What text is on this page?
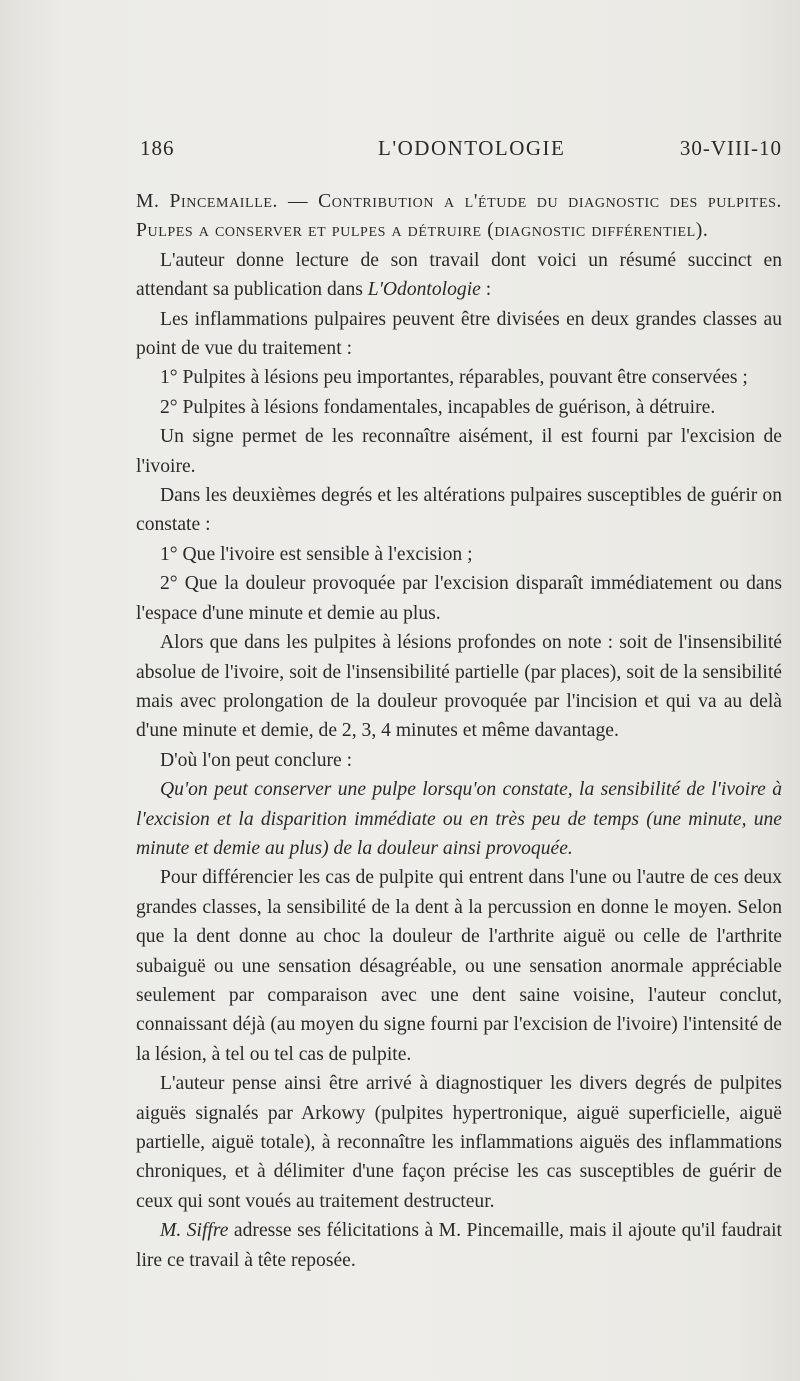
186	L'ODONTOLOGIE	30-VIII-10

M. Pincemaille. — Contribution a l'étude du diagnostic des pulpites. Pulpes a conserver et pulpes a détruire (diagnostic différentiel).

L'auteur donne lecture de son travail dont voici un résumé succinct en attendant sa publication dans L'Odontologie :

Les inflammations pulpaires peuvent être divisées en deux grandes classes au point de vue du traitement :

1° Pulpites à lésions peu importantes, réparables, pouvant être conservées ;

2° Pulpites à lésions fondamentales, incapables de guérison, à détruire.

Un signe permet de les reconnaître aisément, il est fourni par l'excision de l'ivoire.

Dans les deuxièmes degrés et les altérations pulpaires susceptibles de guérir on constate :

1° Que l'ivoire est sensible à l'excision ;

2° Que la douleur provoquée par l'excision disparaît immédiatement ou dans l'espace d'une minute et demie au plus.

Alors que dans les pulpites à lésions profondes on note : soit de l'insensibilité absolue de l'ivoire, soit de l'insensibilité partielle (par places), soit de la sensibilité mais avec prolongation de la douleur provoquée par l'incision et qui va au delà d'une minute et demie, de 2, 3, 4 minutes et même davantage.

D'où l'on peut conclure :

Qu'on peut conserver une pulpe lorsqu'on constate, la sensibilité de l'ivoire à l'excision et la disparition immédiate ou en très peu de temps (une minute, une minute et demie au plus) de la douleur ainsi provoquée.

Pour différencier les cas de pulpite qui entrent dans l'une ou l'autre de ces deux grandes classes, la sensibilité de la dent à la percussion en donne le moyen. Selon que la dent donne au choc la douleur de l'arthrite aiguë ou celle de l'arthrite subaiguë ou une sensation désagréable, ou une sensation anormale appréciable seulement par comparaison avec une dent saine voisine, l'auteur conclut, connaissant déjà (au moyen du signe fourni par l'excision de l'ivoire) l'intensité de la lésion, à tel ou tel cas de pulpite.

L'auteur pense ainsi être arrivé à diagnostiquer les divers degrés de pulpites aiguës signalés par Arkowy (pulpites hypertronique, aiguë superficielle, aiguë partielle, aiguë totale), à reconnaître les inflammations aiguës des inflammations chroniques, et à délimiter d'une façon précise les cas susceptibles de guérir de ceux qui sont voués au traitement destructeur.

M. Siffre adresse ses félicitations à M. Pincemaille, mais il ajoute qu'il faudrait lire ce travail à tête reposée.
